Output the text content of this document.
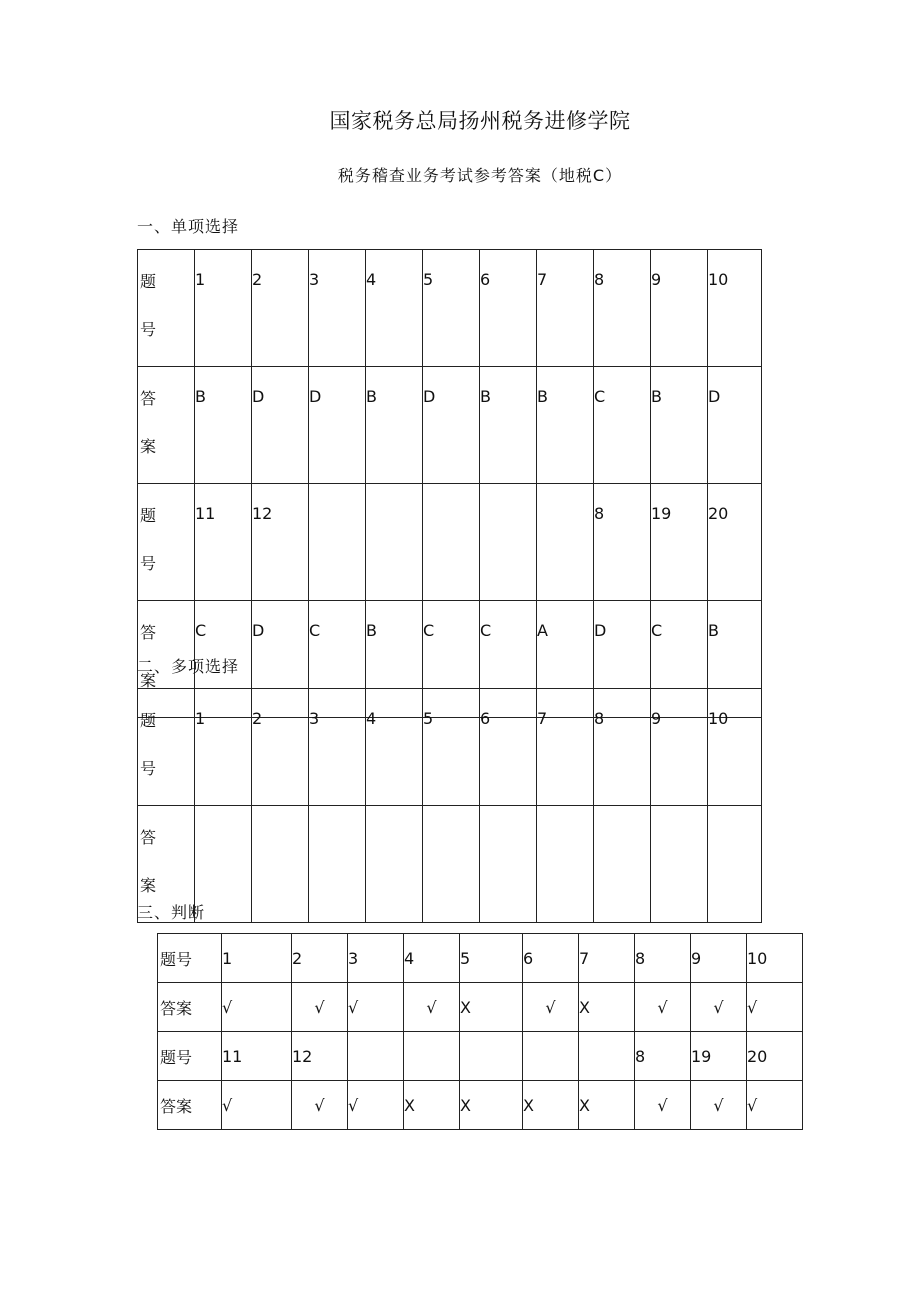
国家税务总局扬州税务进修学院
税务稽查业务考试参考答案（地税C）
一、单项选择
题
号	1	2	3	4	5	6	7	8	9	10

答
案	B	D	D	B	D	B	B	C	B	D

题
号	11	12						8	19	20

答
案	C	D	C	B	C	C	A	D	C	B
二、多项选择
题
号	1	2	3	4	5	6	7	8	9	10

答
案										

三、判断
题号	1	2	3	4	5	6	7	8	9	10
答案	√	√	√	√	X	√	X	√	√	√
题号	11	12						8	19	20
答案	√	√	√	X	X	X	X	√	√	√
